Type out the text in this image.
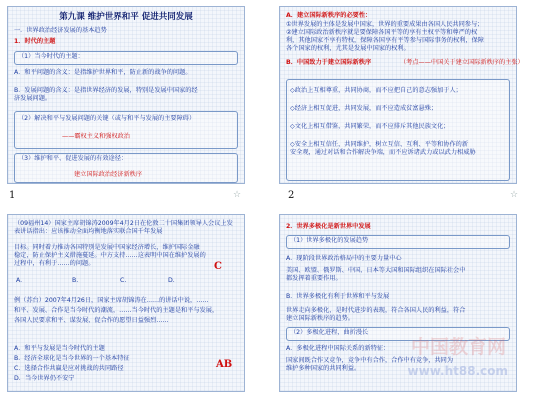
第九课 维护世界和平 促进共同发展
一．世界政治经济发展的基本趋势
1．时代的主题
（1）当今时代的主题：
A．和平问题的含义：是指维护世界和平，防止新的战争的问题。
B．发展问题的含义：是指世界经济的发展，特别是发展中国家的经
济发展问题。
（2）解决和平与发展问题的关键（或与和平与发展的主要障碍）
——霸权主义和强权政治
（3）维护和平、促进发展的有效途径：
建立国际政治经济新秩序
1	☆
A．建立国际新秩序的必要性：
①世界发展的主体是发展中国家，世界的重要成果由各国人民共同参与；
②建立国际政治新秩序就是要保障各国平等的享有主权平等和尊严的权
利，其他国家不享有特权，保障各国享有平等参与国际事务的权利，保障
各个国家的权利，尤其是发展中国家的权利。
B．中国致力于建立国际新秩序	（考点——中国关于建立国际新秩序的主张）
◇政治上互相尊重，共同协商，而不应把自己的意志强加于人；
◇经济上相互促进，共同发展，而不应造成贫富悬殊；
◇文化上相互借鉴，共同繁荣，而不应排斥其他民族文化；
◇安全上相互信任，共同维护，树立互信、互利、平等和协作的新
安全观，通过对话和合作解决争端，而不应诉诸武力或以武力相威胁
2	☆
（09福州14）国家主席胡锦涛2009年4月2日在伦敦二十国集团领导人会议上发表讲话指出：应该推动全面均衡地落实联合国千年发展
目标。同时着力推动各国特别是发展中国家经济增长，维护国际金融
稳定，防止保护主义措施蔓延。中方支持……这表明中国在维护发展的
过程中，有利于……的问题。
A.	B.	C.	D.
C
例（苏台）2007年4月26日，国家主席胡锦涛在……的讲话中说，……
和平、发展、合作是当今时代的潮流，……当今时代的主题是和平与发展，
各国人民要求和平、谋发展、促合作的愿望日益强烈……
A．和平与发展是当今时代的主题
B．经济全球化是当今世界的一个基本特征
C．选择合作共赢是应对挑战的共同路径
D．当今世界仍不安宁
AB
2．世界多极化是新世界中发展
（1）世界多极化的发展趋势
A．现阶段世界政治格局中的主要力量中心
美国、欧盟、俄罗斯、中国、日本等大国和国际组织在国际社会中
都发挥着重要作用。
B．世界多极化有利于世界和平与发展
世界走向多极化，是时代进步的表现，符合各国人民的利益，符合
建立国际新秩序的趋势。
（2）多极化进程，曲折漫长
A．多极化进程中国际关系的新特征：
国家间既合作又竞争，竞争中有合作，合作中有竞争，共同为
维护多种国家的共同利益。
中国教育网
www.ht88.com
